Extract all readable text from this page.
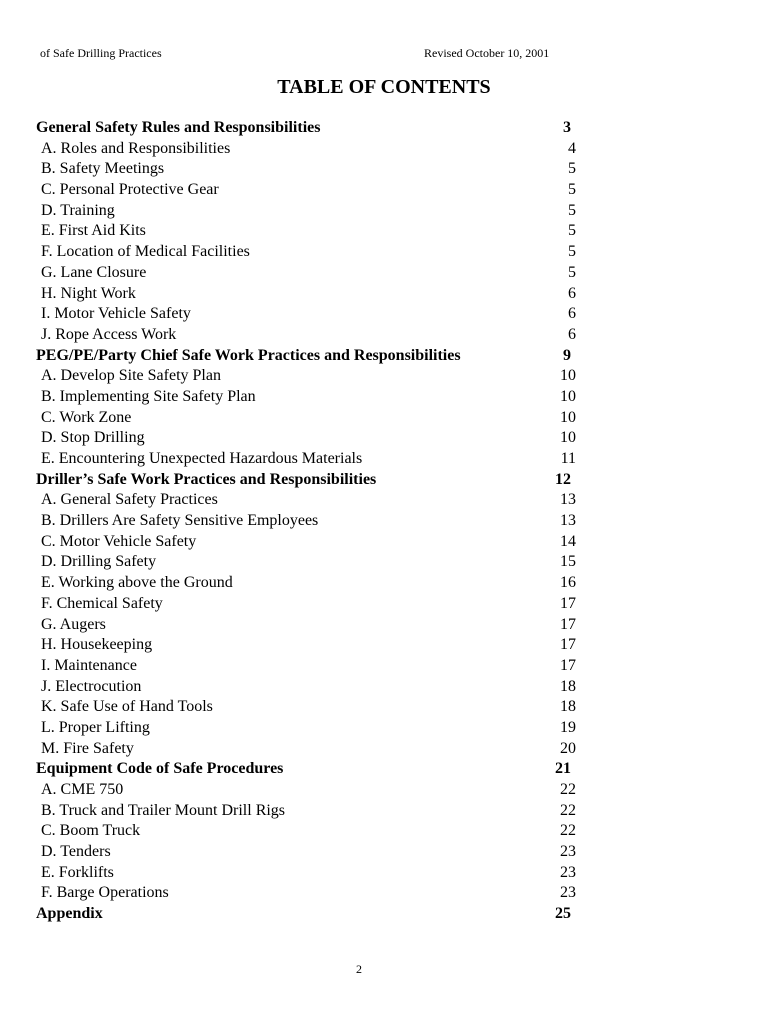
of Safe Drilling Practices	Revised October 10, 2001
TABLE OF CONTENTS
General Safety Rules and Responsibilities	3
A. Roles and Responsibilities	4
B. Safety Meetings	5
C. Personal Protective Gear	5
D. Training	5
E. First Aid Kits	5
F. Location of Medical Facilities	5
G. Lane Closure	5
H. Night Work	6
I. Motor Vehicle Safety	6
J. Rope Access Work	6
PEG/PE/Party Chief Safe Work Practices and Responsibilities	9
A. Develop Site Safety Plan	10
B. Implementing Site Safety Plan	10
C. Work Zone	10
D. Stop Drilling	10
E. Encountering Unexpected Hazardous Materials	11
Driller’s Safe Work Practices and Responsibilities	12
A. General Safety Practices	13
B. Drillers Are Safety Sensitive Employees	13
C. Motor Vehicle Safety	14
D. Drilling Safety	15
E. Working above the Ground	16
F. Chemical Safety	17
G. Augers	17
H. Housekeeping	17
I. Maintenance	17
J. Electrocution	18
K. Safe Use of Hand Tools	18
L. Proper Lifting	19
M. Fire Safety	20
Equipment Code of Safe Procedures	21
A. CME 750	22
B. Truck and Trailer Mount Drill Rigs	22
C. Boom Truck	22
D. Tenders	23
E. Forklifts	23
F. Barge Operations	23
Appendix	25
2
